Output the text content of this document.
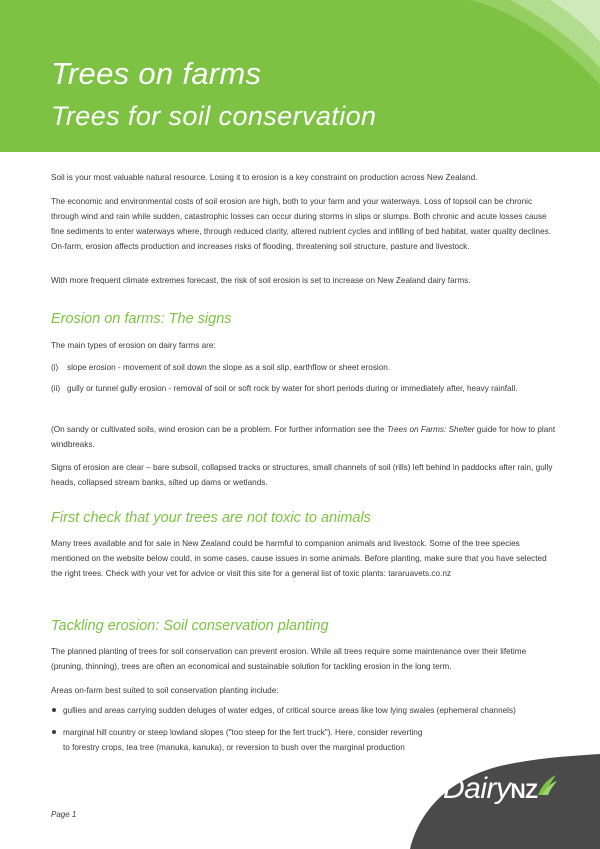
Trees on farms
Trees for soil conservation

Soil is your most valuable natural resource. Losing it to erosion is a key constraint on production across New Zealand.

The economic and environmental costs of soil erosion are high, both to your farm and your waterways. Loss of topsoil can be chronic through wind and rain while sudden, catastrophic losses can occur during storms in slips or slumps. Both chronic and acute losses cause fine sediments to enter waterways where, through reduced clarity, altered nutrient cycles and infilling of bed habitat, water quality declines. On-farm, erosion affects production and increases risks of flooding, threatening soil structure, pasture and livestock.

With more frequent climate extremes forecast, the risk of soil erosion is set to increase on New Zealand dairy farms.

Erosion on farms: The signs

The main types of erosion on dairy farms are:

(i) slope erosion - movement of soil down the slope as a soil slip, earthflow or sheet erosion.
(ii) gully or tunnel gully erosion - removal of soil or soft rock by water for short periods during or immediately after, heavy rainfall.

(On sandy or cultivated soils, wind erosion can be a problem. For further information see the Trees on Farms: Shelter guide for how to plant windbreaks.

Signs of erosion are clear – bare subsoil, collapsed tracks or structures, small channels of soil (rills) left behind in paddocks after rain, gully heads, collapsed stream banks, silted up dams or wetlands.

First check that your trees are not toxic to animals

Many trees available and for sale in New Zealand could be harmful to companion animals and livestock. Some of the tree species mentioned on the website below could, in some cases, cause issues in some animals. Before planting, make sure that you have selected the right trees. Check with your vet for advice or visit this site for a general list of toxic plants: tararuavets.co.nz

Tackling erosion: Soil conservation planting

The planned planting of trees for soil conservation can prevent erosion. While all trees require some maintenance over their lifetime (pruning, thinning), trees are often an economical and sustainable solution for tackling erosion in the long term.

Areas on-farm best suited to soil conservation planting include:

gullies and areas carrying sudden deluges of water edges, of critical source areas like low lying swales (ephemeral channels)
marginal hill country or steep lowland slopes ("too steep for the fert truck"). Here, consider reverting to forestry crops, tea tree (manuka, kanuka), or reversion to bush over the marginal production
DairyNZ
Page 1
